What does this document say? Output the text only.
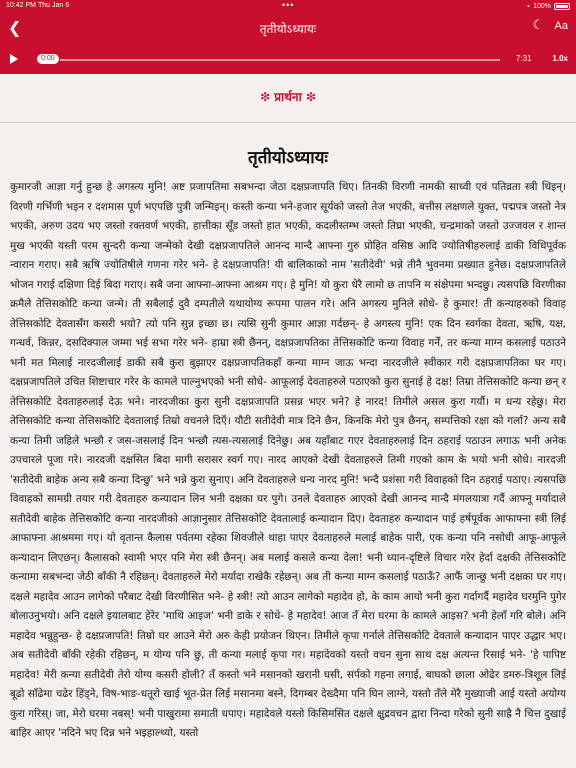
10:42 PM Thu Jan 6	•••	◔ 100%
❮	तृतीयोऽध्यायः	☾ Aa
0:00	7:31	1.0x
❇ प्रार्थना ❇
तृतीयोऽध्यायः
कुमारजी आज्ञा गर्नु हुन्छ हे अगस्त्य मुनि! अष्ट प्रजापतिमा सबभन्दा जेठा दक्षप्रजापति थिए। तिनकी विरणी नामकी साध्वी एवं पतिव्रता स्त्री थिइन्। विरणी गर्भिणी भइन र दशमास पूर्ण भएपछि पुत्री जन्मिइन्। कस्ती कन्या भने-हजार सूर्यको जस्तो तेज भएकी, बत्तीस लक्षणले युक्त, पद्मपत्र जस्तो नेत्र भएकी, अरुण उदय भए जस्तो रक्तवर्ण भएकी, हात्तीका सूँड जस्तो हात भएकी, कदलीस्तम्भ जस्तो तिघ्रा भएकी, चन्द्रमाको जस्तो उज्जवल र शान्त मुख भएकी यस्ती परम सुन्दरी कन्या जन्मेको देखी दक्षप्रजापतिले आनन्द मान्दै आफ्ना गुरु प्रोहित वसिष्ठ आदि ज्योतिषीहरुलाई डाकी विधिपूर्वक न्वारान गराए। सबै ऋषि ज्योतिषीले गणना गरेर भने- हे दक्षप्रजापति! यी बालिकाको नाम 'सतीदेवी' भन्ने तीनै भुवनमा प्रख्यात हुनेछ। दक्षप्रजापतिले भोजन गराई दक्षिणा दिई बिदा गराए। सबै जना आफ्ना-आफ्ना आश्रम गए। हे मुनि! यो कुरा धेरै लामो छ तापनि म संक्षेपमा भन्दछु। त्यसपछि विरणीका क्रमैले तेत्तिसकोटि कन्या जन्मे। ती सबैलाई दुवै दम्पतीले यथायोग्य रूपमा पालन गरे। अनि अगस्त्य मुनिले सोधे- हे कुमार! ती कन्याहरुको विवाह तेत्तिसकोटि देवतासँग कसरी भयो? त्यो पनि सुन्न इच्छा छ। त्यसि सुनी कुमार आज्ञा गर्दछन्- हे अगस्त्य मुनि! एक दिन स्वर्गका देवता, ऋषि, यक्ष, गन्धर्व, किन्नर, दसदिक्पाल जम्मा भई सभा गरेर भने- हाम्रा स्त्री छैनन्, दक्षप्रजापतिका तेत्तिसकोटि कन्या विवाह गर्नें, तर कन्या माग्न कसलाई पठाउने भनी मत मिलाई नारदजीलाई डाकी सबै कुरा बुझाएर दक्षप्रजापतिकहाँ कन्या माग्न जाऊ भन्दा नारदजीले स्वीकार गरी दक्षप्रजापतिका घर गए। दक्षप्रजापतिले उचित शिष्टाचार गरेर के कामले पाल्नुभएको भनी सोधे- आफूलाई देवताहरुले पठाएको कुरा सुनाई हे दक्ष! तिम्रा तेत्तिसकोटि कन्या छन् र तेत्तिसकोटि देवताहरुलाई देऊ भने। नारदजीका कुरा सुनी दक्षप्रजापति प्रसन्न भएर भने? हे नारद! तिमीले असल कुरा गर्यौ। म धन्य रहेछु। मेरा तेत्तिसकोटि कन्या तेत्तिसकोटि देवतालाई तिम्रो वचनले दिएँ। यौटी सतीदेवी मात्र दिने छैन, किनकि मेरो पुत्र छैनन्, सम्पत्तिको रक्षा को गर्ला? अन्य सबै कन्या तिमी जहिले भन्छौ र जस-जसलाई दिन भन्छौ त्यस-त्यसलाई दिनेछु। अब यहाँबाट गएर देवताहरुलाई दिन ठहराई पठाउन लगाऊ भनी अनेक उपचारले पूजा गरे। नारदजी दक्षसित बिदा मागी सरासर स्वर्ग गए। नारद आएको देखी देवताहरुले तिमी गएको काम के भयो भनी सोधे। नारदजी 'सतीदेवी बाहेक अन्य सबै कन्या दिन्छु' भने भन्ने कुरा सुनाए। अनि देवताहरुले धन्य नारद मुनि! भन्दै प्रशंसा गरी विवाहको दिन ठहराई पठाए। त्यसपछि विवाहको सामग्री तयार गरी देवताहरु कन्यादान लिन भनी दक्षका घर पुगे। उनले देवताहरु आएको देखी आनन्द मान्दै मंगलयात्रा गर्दै आफ्नू मर्यादाले सतीदेवी बाहेक तेत्तिसकोटि कन्या नारदजीको आज्ञानुसार तेत्तिसकोटि देवतालाई कन्यादान दिए। देवताहरु कन्यादान पाई हर्षपूर्वक आफाफ्ना स्त्री लिई आफाफ्ना आश्रममा गए। यो वृतान्त कैलास पर्वतमा रहेका शिवजीले थाहा पाएर देवताहरुले मलाई बाहेक पारी, एक कन्या पनि नसोधी आफू-आफूले कन्यादान लिएछन्। कैलासको स्वामी भएर पनि मेरा स्त्री छैनन्। अब मलाई कसले कन्या देला! भनी ध्यान-दृष्टिले विचार गरेर हेर्दा दक्षकी तेत्तिसकोटि कन्यामा सबभन्दा जेठी बाँकी नै रहिछन्। देवताहरुले मेरो मर्यादा राखेकै रहेछन्। अब ती कन्या माग्न कसलाई पठाऊँ? आफैं जान्छु भनी दक्षका घर गए। दक्षले महादेव आउन लागेको परैबाट देखी विरणीसित भने- हे स्त्री! त्यो आउन लागेको महादेव हो, के काम आयो भनी कुरा गर्दागर्दै महादेव घरमुनि पुगेर बोलाउनुभयो। अनि दक्षले इयालबाट हेरेर 'माथि आइज' भनी डाके र सोधे- हे महादेव! आज तँ मेरा घरमा के कामले आइस? भनी हेलाँ गरि बोले। अनि महादेव भन्नुहुन्छ- हे दक्षप्रजापति! तिम्रो घर आउने मेरो अरु केही प्रयोजन थिएन। तिमीले कृपा गर्नाले तेत्तिसकोटि देवताले कन्यादान पाएर उद्धार भए। अब सतीदेवी बाँकी रहेकी रहिछन्, म योग्य पनि छु, ती कन्या मलाई कृपा गर। महादेवको यस्तो वचन सुना साथ दक्ष अत्यन्त रिसाई भने- 'हे पापिष्ट महादेव! मेरी कन्या सतीदेवी तेरो योग्य कसरी होली? तँ कस्तो भने मसानको खरानी घसी, सर्पको गहना लगाई, बाघको छाला ओढेर डमरु-त्रिशूल लिई बूढो साँढेमा चढेर हिंड्ने, विष-भाङ-धतूरो खाई भूत-प्रेत लिई मसानमा बस्ने, दिगम्बर देख्दैमा पनि घिन लाग्ने, यस्तो तँले मेरै मुख्याजी आई यस्तो अयोग्य कुरा गरिस्। जा, मेरो घरमा नबस्! भनी पाखुरामा समाती धपाए। महादेवले यस्तो किसिमसित दक्षले क्षुद्रवचन द्वारा निन्दा गरेको सुनी साह्रै नै चित्त दुखाई बाहिर आएर 'नदिने भए दिन्न भने भइहाल्थ्यो, यस्तो
